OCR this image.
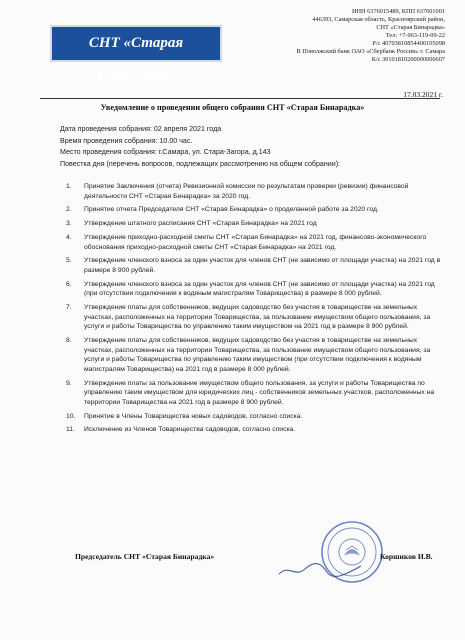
СНТ «Старая Бинарадка»
ИНН 6376015489, КПП 637601001
446393, Самарская область, Красноярский район,
СНТ «Старая Бинарадка»
Тел: +7-963-119-09-22
Р/с 40703810854400105098
В Поволжский банк ОАО «Сбербанк России» г. Самара
К/с 30101810200000000607
17.03.2021 г.
Уведомление о проведении общего собрания СНТ «Старая Бинарадка»
Дата проведения собрания: 02 апреля 2021 года
Время проведения собрания: 10.00 час.
Место проведения собрания: г.Самара, ул. Стара-Загора, д.143
Повестка дня (перечень вопросов, подлежащих рассмотрению на общем собрании):
1. Принятие Заключения (отчета) Ревизионной комиссии по результатам проверки (ревизии) финансовой деятельности СНТ «Старая Бинарадка» за 2020 год.
2. Принятие отчета Председателя СНТ «Старая Бинарадка» о проделанной работе за 2020 год.
3. Утверждение штатного расписания СНТ «Старая Бинарадка» на 2021 год
4. Утверждение приходно-расходной сметы СНТ «Старая Бинарадка» на 2021 год, финансово-экономического обоснования приходно-расходной сметы СНТ «Старая Бинарадка» на 2021 год.
5. Утверждение членского взноса за один участок для членов СНТ (не зависимо от площади участка) на 2021 год в размере 8 900 рублей.
6. Утверждение членского взноса за один участок для членов СНТ (не зависимо от площади участка) на 2021 год (при отсутствии подключения к водяным магистралям Товарищества) в размере 8 000 рублей.
7. Утверждение платы для собственников, ведущих садоводство без участия в товариществе на земельных участках, расположенных на территории Товарищества, за пользование имуществом общего пользования, за услуги и работы Товарищества по управлению таким имуществом на 2021 год в размере 8 900 рублей.
8. Утверждение платы для собственников, ведущих садоводство без участия в товариществе на земельных участках, расположенных на территории Товарищества, за пользование имуществом общего пользования, за услуги и работы Товарищества по управлению таким имуществом (при отсутствии подключения к водяным магистралям Товарищества) на 2021 год в размере 8 000 рублей.
9. Утверждение платы за пользование имуществом общего пользования, за услуги и работы Товарищества по управлению таким имуществом для юридических лиц - собственников земельных участков, расположенных на территории Товарищества на 2021 год в размере 8 900 рублей.
10. Принятие в Члены Товарищества новых садоводов, согласно списка.
11. Исключение из Членов Товарищества садоводов, согласно списка.
Председатель СНТ «Старая Бинарадка»	Коршиков И.В.
